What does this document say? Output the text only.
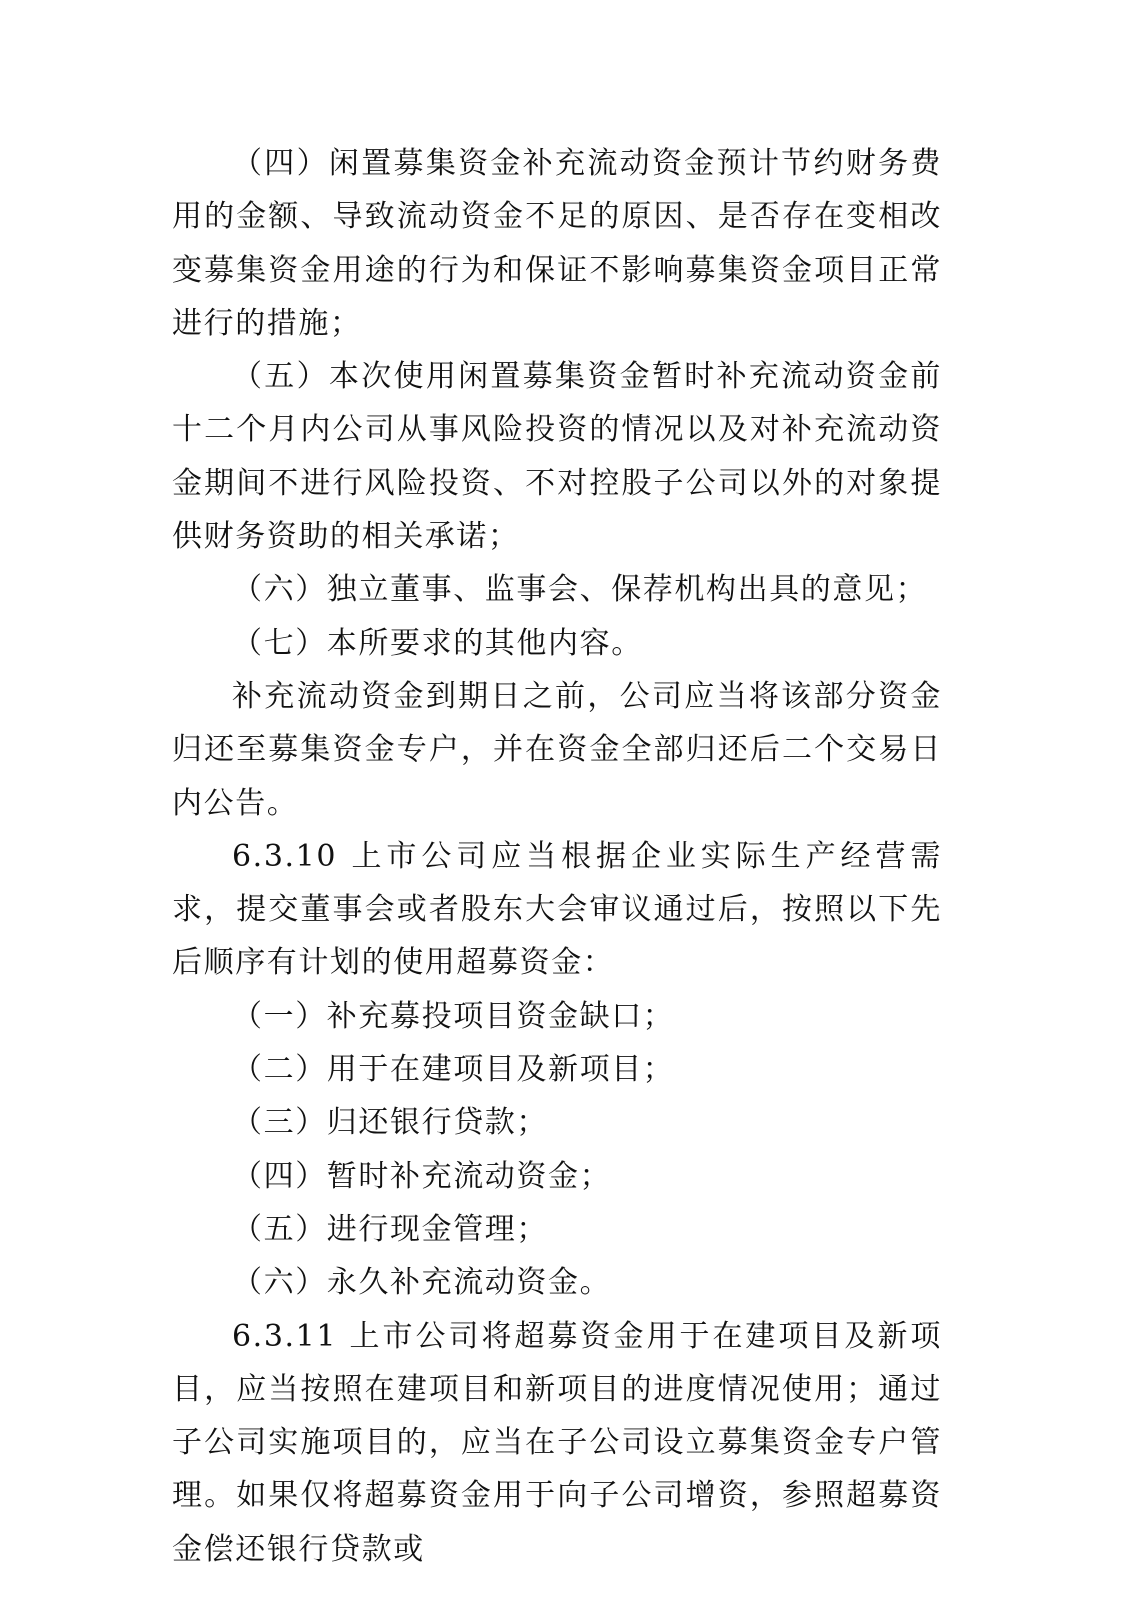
（四）闲置募集资金补充流动资金预计节约财务费用的金额、导致流动资金不足的原因、是否存在变相改变募集资金用途的行为和保证不影响募集资金项目正常进行的措施；

（五）本次使用闲置募集资金暂时补充流动资金前十二个月内公司从事风险投资的情况以及对补充流动资金期间不进行风险投资、不对控股子公司以外的对象提供财务资助的相关承诺；

（六）独立董事、监事会、保荐机构出具的意见；

（七）本所要求的其他内容。

补充流动资金到期日之前，公司应当将该部分资金归还至募集资金专户，并在资金全部归还后二个交易日内公告。

6.3.10 上市公司应当根据企业实际生产经营需求，提交董事会或者股东大会审议通过后，按照以下先后顺序有计划的使用超募资金：

（一）补充募投项目资金缺口；

（二）用于在建项目及新项目；

（三）归还银行贷款；

（四）暂时补充流动资金；

（五）进行现金管理；

（六）永久补充流动资金。

6.3.11 上市公司将超募资金用于在建项目及新项目，应当按照在建项目和新项目的进度情况使用；通过子公司实施项目的，应当在子公司设立募集资金专户管理。如果仅将超募资金用于向子公司增资，参照超募资金偿还银行贷款或
